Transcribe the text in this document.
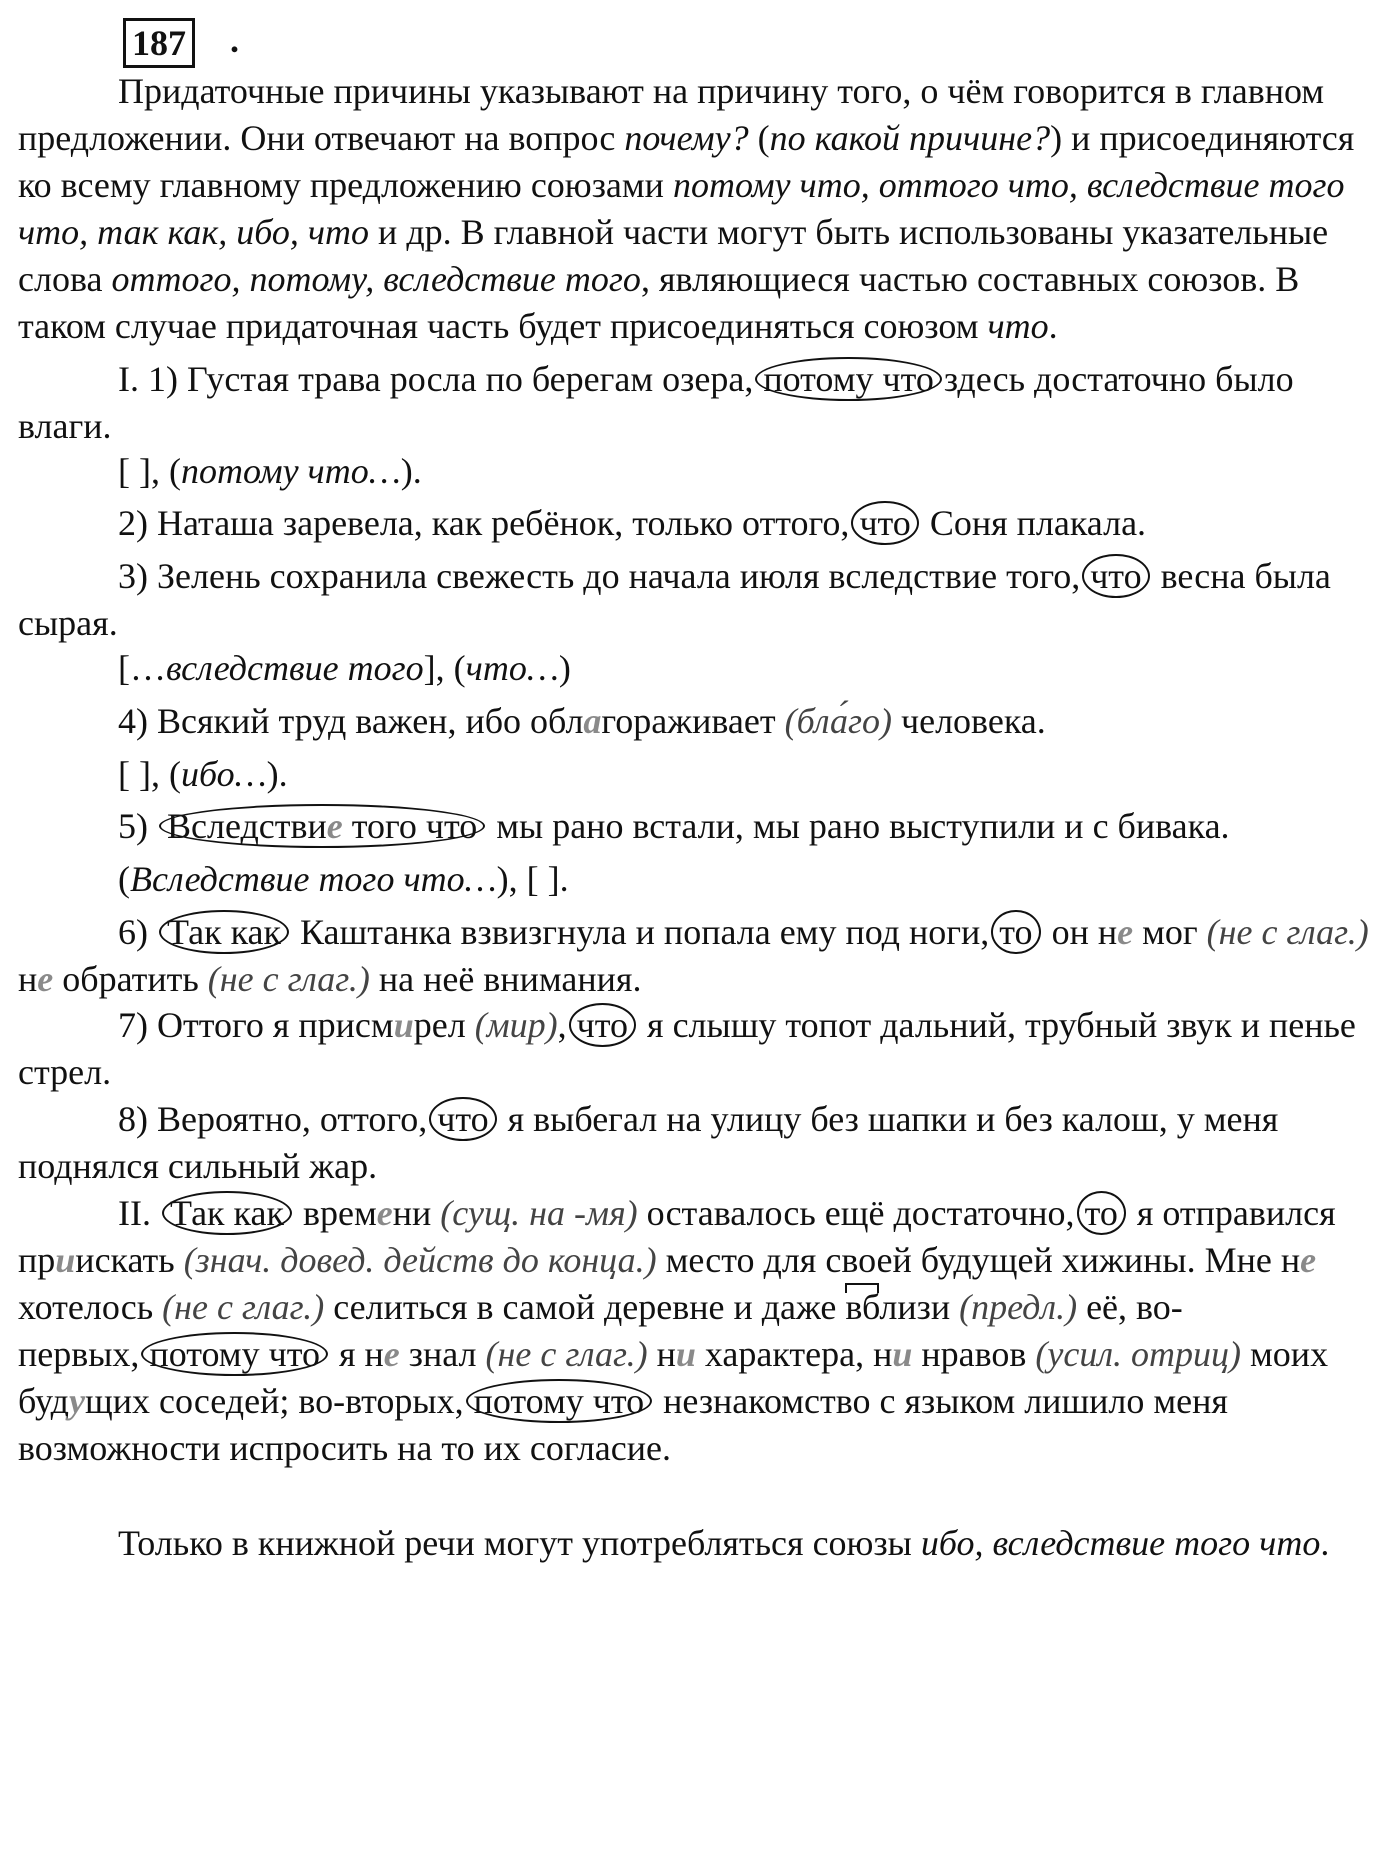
187 .

Придаточные причины указывают на причину того, о чём говорится в главном предложении. Они отвечают на вопрос почему? (по какой причине?) и присоединяются ко всему главному предложению союзами потому что, оттого что, вследствие того что, так как, ибо, что и др. В главной части могут быть использованы указательные слова оттого, потому, вследствие того, являющиеся частью составных союзов. В таком случае придаточная часть будет присоединяться союзом что.

I. 1) Густая трава росла по берегам озера, потому что здесь достаточно было влаги.

[ ], (потому что…).

2) Наташа заревела, как ребёнок, только оттого, что Соня плакала.

3) Зелень сохранила свежесть до начала июля вследствие того, что весна была сырая.

[…вследствие того], (что…)

4) Всякий труд важен, ибо облагораживает (бла́го) человека.

[ ], (ибо…).

5) Вследствие того что мы рано встали, мы рано выступили и с бивака.

(Вследствие того что…), [ ].

6) Так как Каштанка взвизгнула и попала ему под ноги, то он не мог (не с глаг.) не обратить (не с глаг.) на неё внимания.

7) Оттого я присмирел (мир), что я слышу топот дальний, трубный звук и пенье стрел.

8) Вероятно, оттого, что я выбегал на улицу без шапки и без калош, у меня поднялся сильный жар.

II. Так как времени (сущ. на -мя) оставалось ещё достаточно, то я отправился приискать (знач. довед. действ до конца.) место для своей будущей хижины. Мне не хотелось (не с глаг.) селиться в самой деревне и даже вблизи (предл.) её, во-первых, потому что я не знал (не с глаг.) ни характера, ни нравов (усил. отриц) моих будущих соседей; во-вторых, потому что незнакомство с языком лишило меня возможности испросить на то их согласие.

Только в книжной речи могут употребляться союзы ибо, вследствие того что.
